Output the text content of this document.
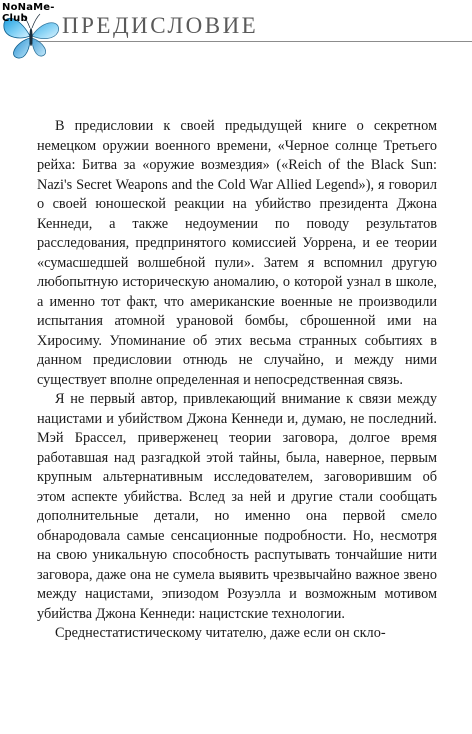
NoNaMe-Club	ПРЕДИСЛОВИЕ

В предисловии к своей предыдущей книге о секретном немецком оружии военного времени, «Черное солнце Третьего рейха: Битва за «оружие возмездия» («Reich of the Black Sun: Nazi's Secret Weapons and the Cold War Allied Legend»), я говорил о своей юношеской реакции на убийство президента Джона Кеннеди, а также недоумении по поводу результатов расследования, предпринятого комиссией Уоррена, и ее теории «сумасшедшей волшебной пули». Затем я вспомнил другую любопытную историческую аномалию, о которой узнал в школе, а именно тот факт, что американские военные не производили испытания атомной урановой бомбы, сброшенной ими на Хиросиму. Упоминание об этих весьма странных событиях в данном предисловии отнюдь не случайно, и между ними существует вполне определенная и непосредственная связь.

Я не первый автор, привлекающий внимание к связи между нацистами и убийством Джона Кеннеди и, думаю, не последний. Мэй Брассел, приверженец теории заговора, долгое время работавшая над разгадкой этой тайны, была, наверное, первым крупным альтернативным исследователем, заговорившим об этом аспекте убийства. Вслед за ней и другие стали сообщать дополнительные детали, но именно она первой смело обнародовала самые сенсационные подробности. Но, несмотря на свою уникальную способность распутывать тончайшие нити заговора, даже она не сумела выявить чрезвычайно важное звено между нацистами, эпизодом Розуэлла и возможным мотивом убийства Джона Кеннеди: нацистские технологии.

Среднестатистическому читателю, даже если он скло-
